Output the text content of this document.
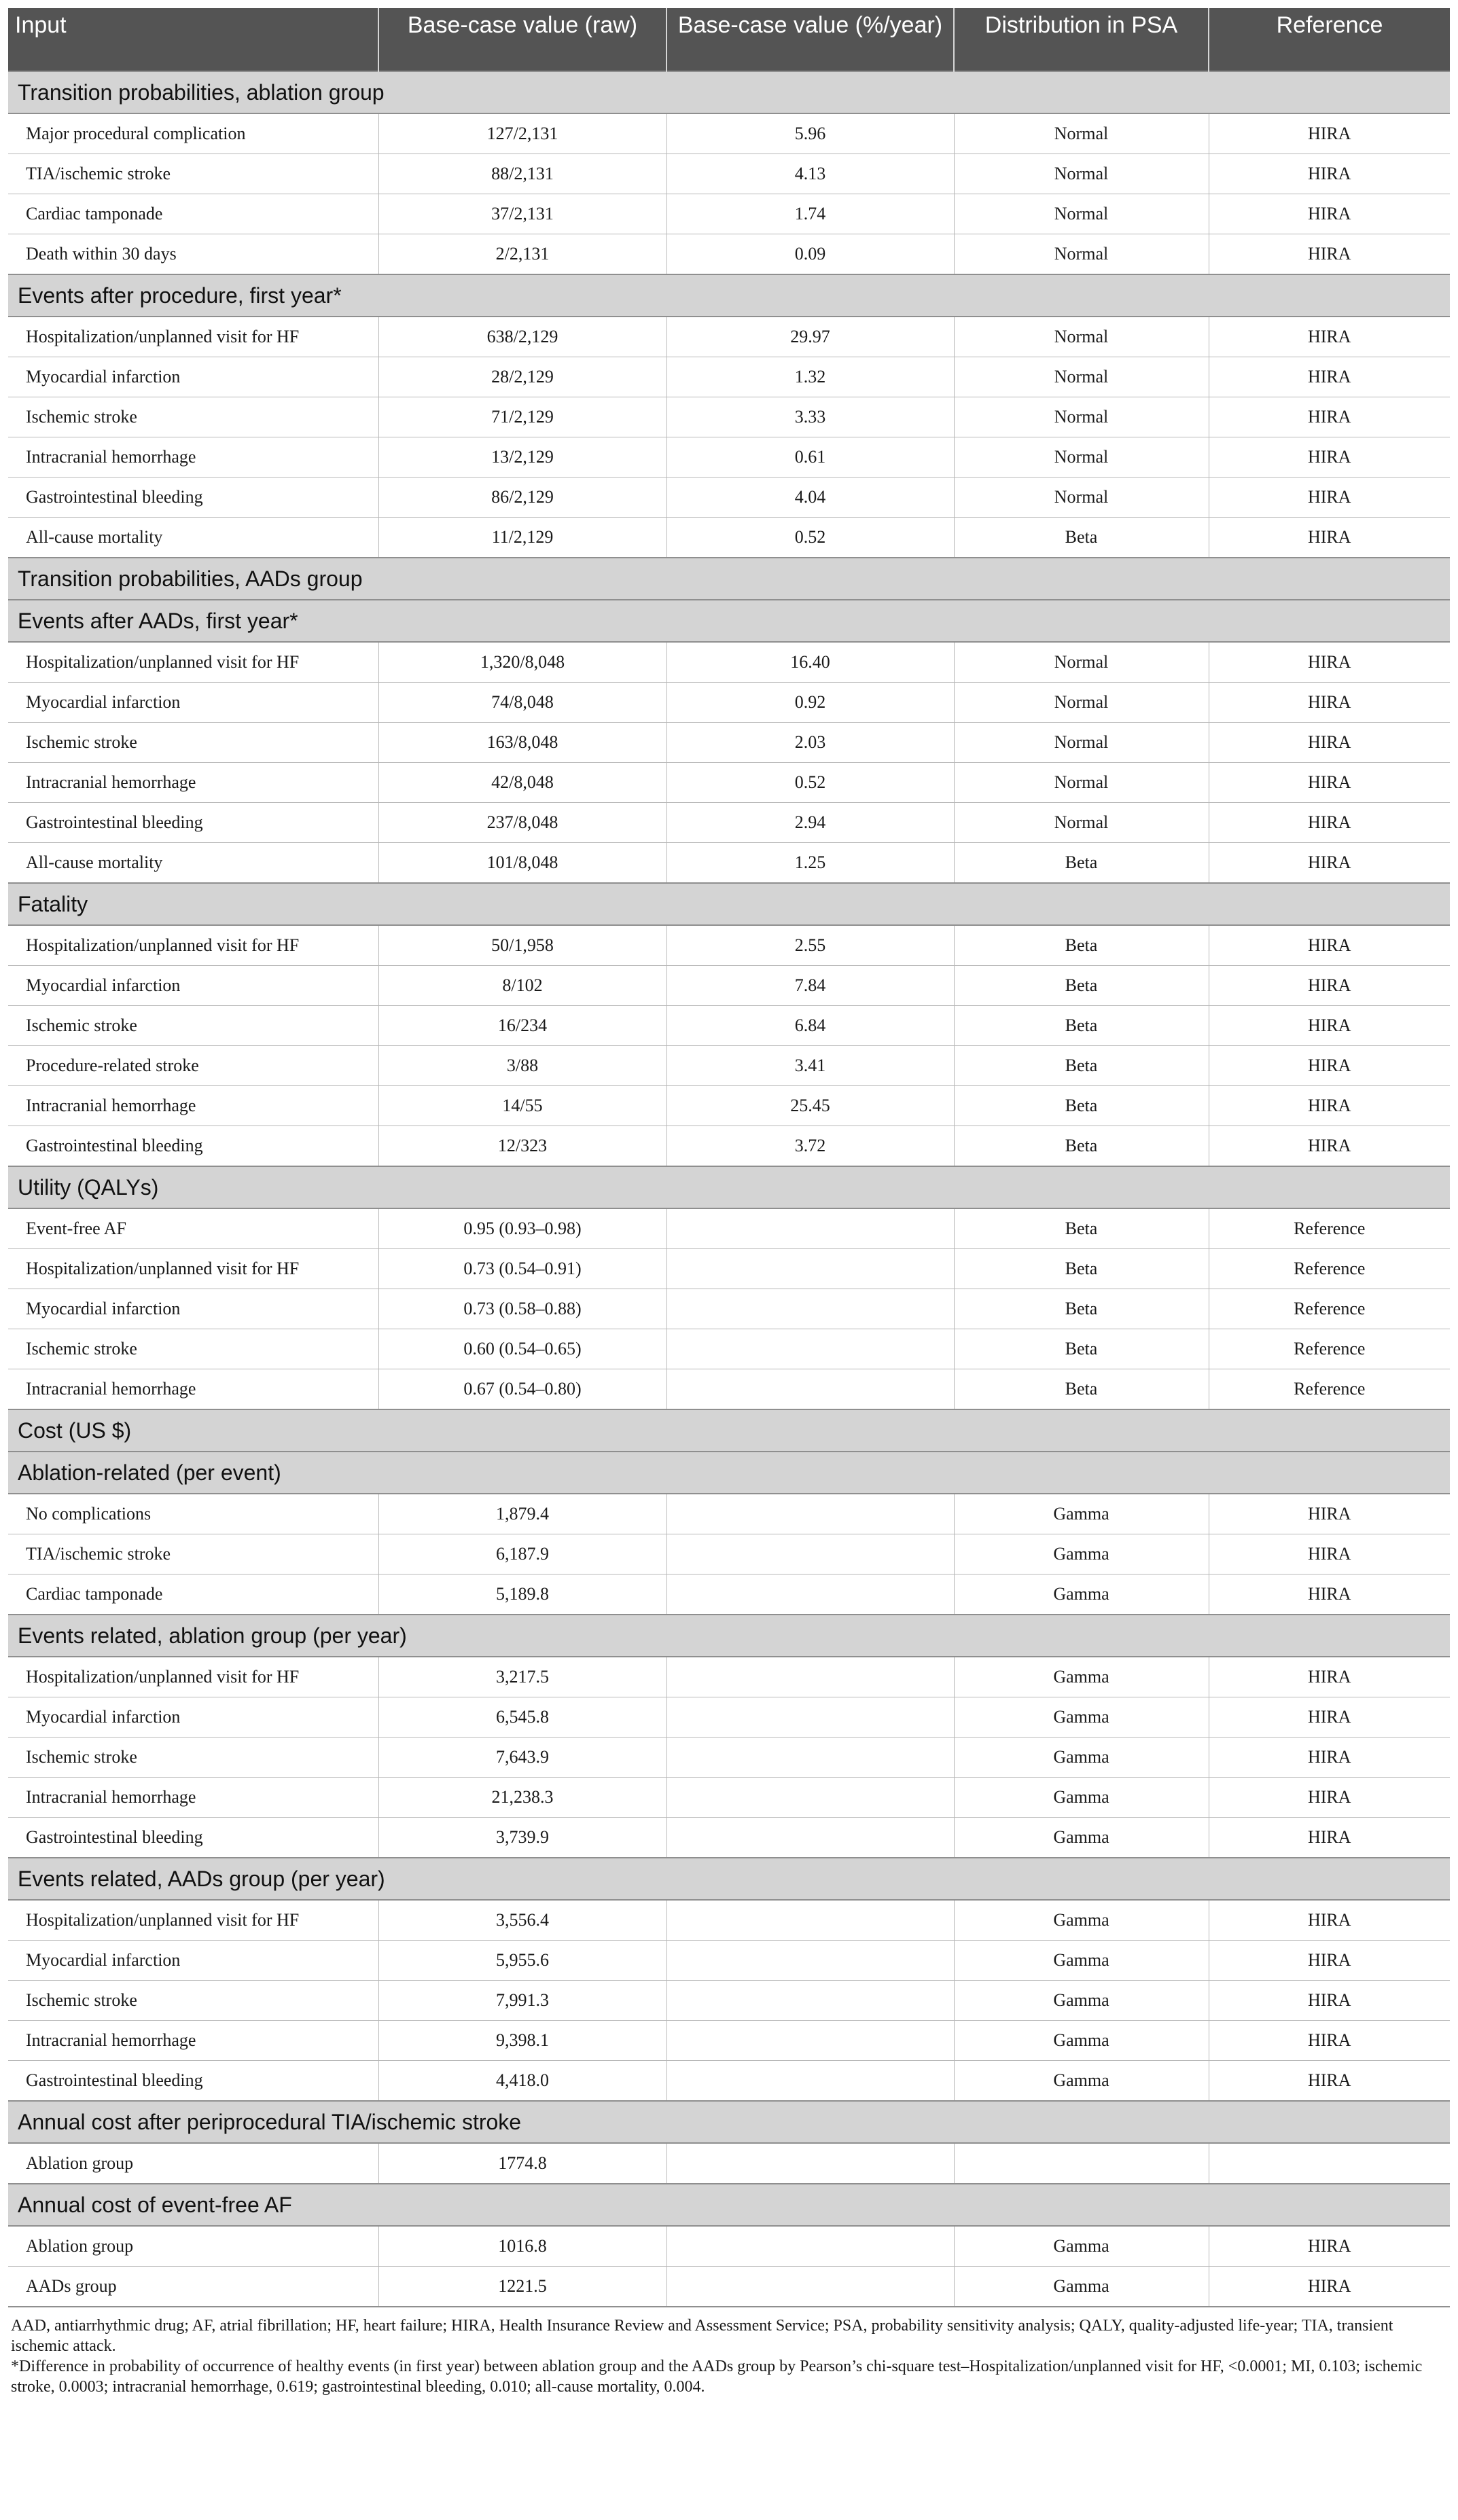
Input	Base-case value (raw)	Base-case value (%/year)	Distribution in PSA	Reference
Transition probabilities, ablation group				
Major procedural complication	127/2,131	5.96	Normal	HIRA
TIA/ischemic stroke	88/2,131	4.13	Normal	HIRA
Cardiac tamponade	37/2,131	1.74	Normal	HIRA
Death within 30 days	2/2,131	0.09	Normal	HIRA
Events after procedure, first year*				
Hospitalization/unplanned visit for HF	638/2,129	29.97	Normal	HIRA
Myocardial infarction	28/2,129	1.32	Normal	HIRA
Ischemic stroke	71/2,129	3.33	Normal	HIRA
Intracranial hemorrhage	13/2,129	0.61	Normal	HIRA
Gastrointestinal bleeding	86/2,129	4.04	Normal	HIRA
All-cause mortality	11/2,129	0.52	Beta	HIRA
Transition probabilities, AADs group				
Events after AADs, first year*				
Hospitalization/unplanned visit for HF	1,320/8,048	16.40	Normal	HIRA
Myocardial infarction	74/8,048	0.92	Normal	HIRA
Ischemic stroke	163/8,048	2.03	Normal	HIRA
Intracranial hemorrhage	42/8,048	0.52	Normal	HIRA
Gastrointestinal bleeding	237/8,048	2.94	Normal	HIRA
All-cause mortality	101/8,048	1.25	Beta	HIRA
Fatality				
Hospitalization/unplanned visit for HF	50/1,958	2.55	Beta	HIRA
Myocardial infarction	8/102	7.84	Beta	HIRA
Ischemic stroke	16/234	6.84	Beta	HIRA
Procedure-related stroke	3/88	3.41	Beta	HIRA
Intracranial hemorrhage	14/55	25.45	Beta	HIRA
Gastrointestinal bleeding	12/323	3.72	Beta	HIRA
Utility (QALYs)				
Event-free AF	0.95 (0.93–0.98)		Beta	Reference
Hospitalization/unplanned visit for HF	0.73 (0.54–0.91)		Beta	Reference
Myocardial infarction	0.73 (0.58–0.88)		Beta	Reference
Ischemic stroke	0.60 (0.54–0.65)		Beta	Reference
Intracranial hemorrhage	0.67 (0.54–0.80)		Beta	Reference
Cost (US $)				
Ablation-related (per event)				
No complications	1,879.4		Gamma	HIRA
TIA/ischemic stroke	6,187.9		Gamma	HIRA
Cardiac tamponade	5,189.8		Gamma	HIRA
Events related, ablation group (per year)				
Hospitalization/unplanned visit for HF	3,217.5		Gamma	HIRA
Myocardial infarction	6,545.8		Gamma	HIRA
Ischemic stroke	7,643.9		Gamma	HIRA
Intracranial hemorrhage	21,238.3		Gamma	HIRA
Gastrointestinal bleeding	3,739.9		Gamma	HIRA
Events related, AADs group (per year)				
Hospitalization/unplanned visit for HF	3,556.4		Gamma	HIRA
Myocardial infarction	5,955.6		Gamma	HIRA
Ischemic stroke	7,991.3		Gamma	HIRA
Intracranial hemorrhage	9,398.1		Gamma	HIRA
Gastrointestinal bleeding	4,418.0		Gamma	HIRA
Annual cost after periprocedural TIA/ischemic stroke				
Ablation group	1774.8			
Annual cost of event-free AF				
Ablation group	1016.8		Gamma	HIRA
AADs group	1221.5		Gamma	HIRA

AAD, antiarrhythmic drug; AF, atrial fibrillation; HF, heart failure; HIRA, Health Insurance Review and Assessment Service; PSA, probability sensitivity analysis; QALY, quality-adjusted life-year; TIA, transient ischemic attack.

*Difference in probability of occurrence of healthy events (in first year) between ablation group and the AADs group by Pearson’s chi-square test–Hospitalization/unplanned visit for HF, <0.0001; MI, 0.103; ischemic stroke, 0.0003; intracranial hemorrhage, 0.619; gastrointestinal bleeding, 0.010; all-cause mortality, 0.004.
